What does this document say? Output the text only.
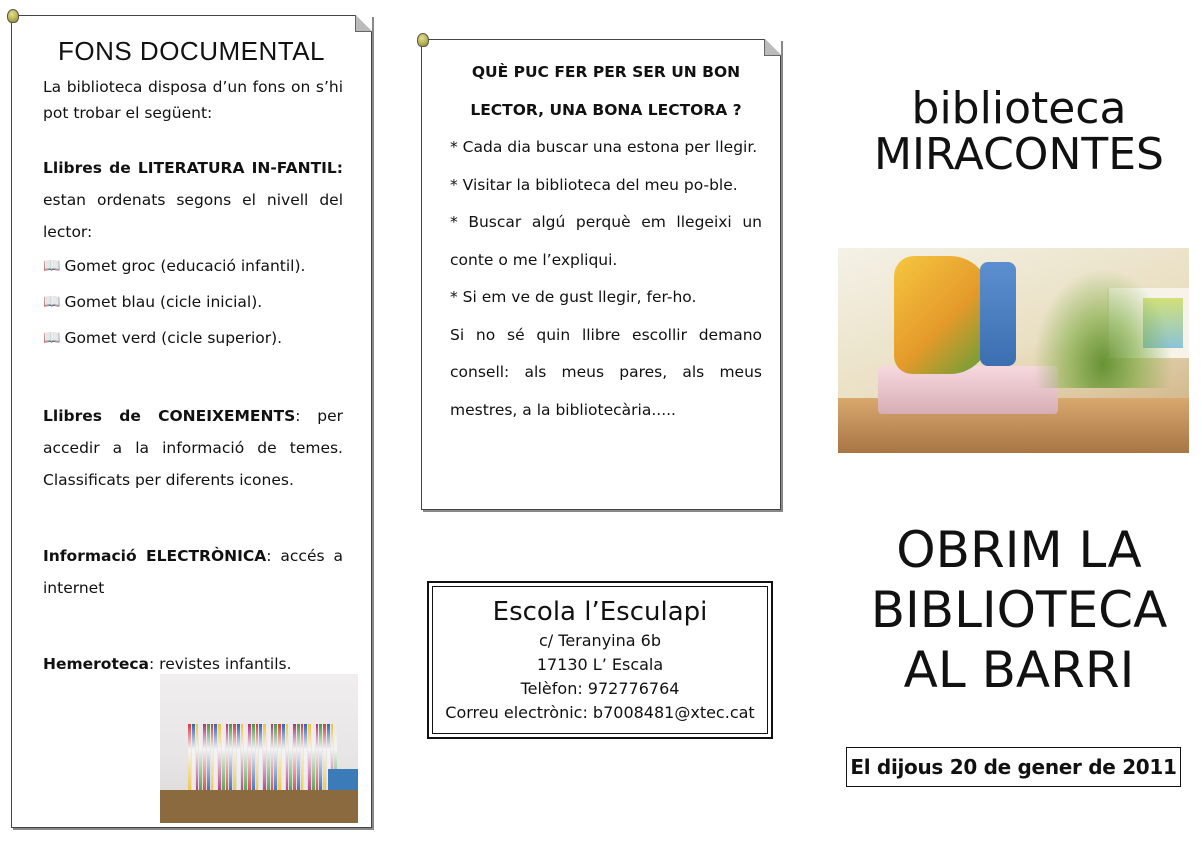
FONS DOCUMENTAL

La biblioteca disposa d’un fons on s’hi pot trobar el següent:

Llibres de LITERATURA IN-FANTIL: estan ordenats segons el nivell del lector:

📖 Gomet groc (educació infantil).
📖 Gomet blau (cicle inicial).
📖 Gomet verd (cicle superior).

Llibres de CONEIXEMENTS: per accedir a la informació de temes. Classificats per diferents icones.

Informació ELECTRÒNICA: accés a internet

Hemeroteca: revistes infantils.

QUÈ PUC FER PER SER UN BON LECTOR, UNA BONA LECTORA ?

* Cada dia buscar una estona per llegir.

* Visitar la biblioteca del meu po-ble.

* Buscar algú perquè em llegeixi un conte o me l’expliqui.

* Si em ve de gust llegir, fer-ho.

Si no sé quin llibre escollir demano consell: als meus pares, als meus mestres, a la bibliotecària.....

Escola l’Esculapi
c/ Teranyina 6b
17130 L’ Escala
Telèfon: 972776764
Correu electrònic: b7008481@xtec.cat
biblioteca
MIRACONTES
OBRIM LA
BIBLIOTECA
AL BARRI
El dijous 20 de gener de 2011
